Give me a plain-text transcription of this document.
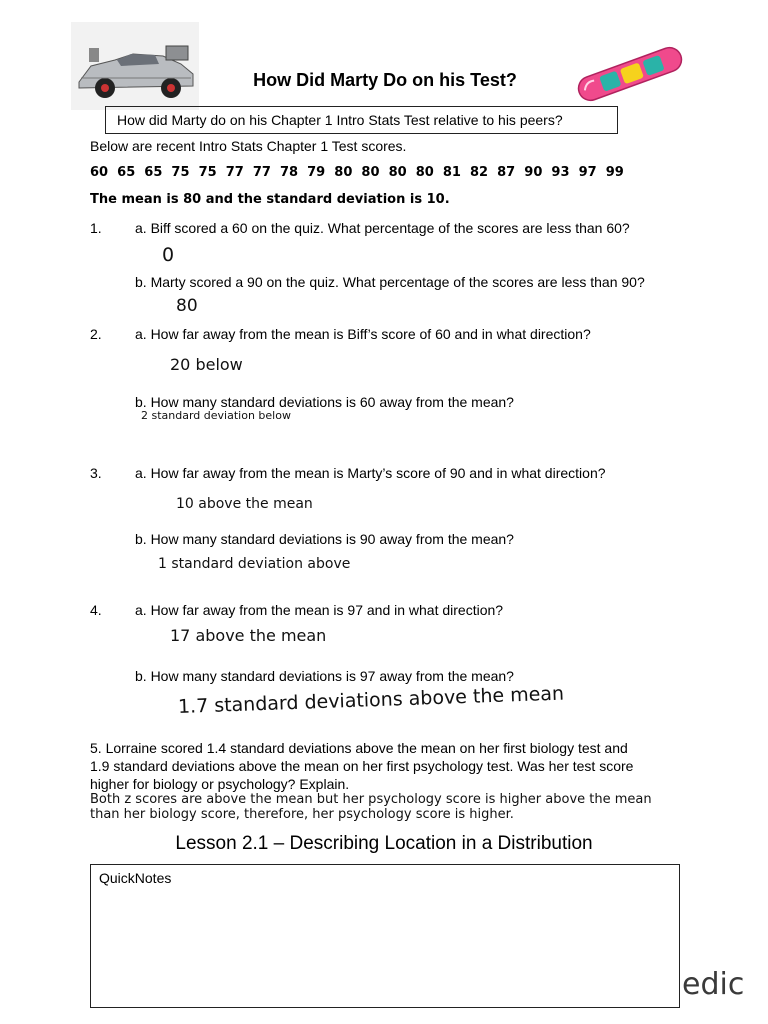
How Did Marty Do on his Test?
How did Marty do on his Chapter 1 Intro Stats Test relative to his peers?
Below are recent Intro Stats Chapter 1 Test scores.
60  65  65  75  75  77  77  78  79  80  80  80  80  81  82  87  90  93  97  99
The mean is 80 and the standard deviation is 10.
1.	a. Biff scored a 60 on the quiz. What percentage of the scores are less than 60?
0
b. Marty scored a 90 on the quiz. What percentage of the scores are less than 90?
80
2.	a. How far away from the mean is Biff’s score of 60 and in what direction?
20 below
b. How many standard deviations is 60 away from the mean?
2 standard deviation below
3.	a. How far away from the mean is Marty’s score of 90 and in what direction?
10 above the mean
b. How many standard deviations is 90 away from the mean?
1 standard deviation above
4.	a. How far away from the mean is 97 and in what direction?
17 above the mean
b. How many standard deviations is 97 away from the mean?
1.7 standard deviations above the mean
5. Lorraine scored 1.4 standard deviations above the mean on her first biology test and
1.9 standard deviations above the mean on her first psychology test. Was her test score
higher for biology or psychology? Explain.
Both z scores are above the mean but her psychology score is higher above the mean
than her biology score, therefore, her psychology score is higher.
Lesson 2.1 – Describing Location in a Distribution
QuickNotes
edic
